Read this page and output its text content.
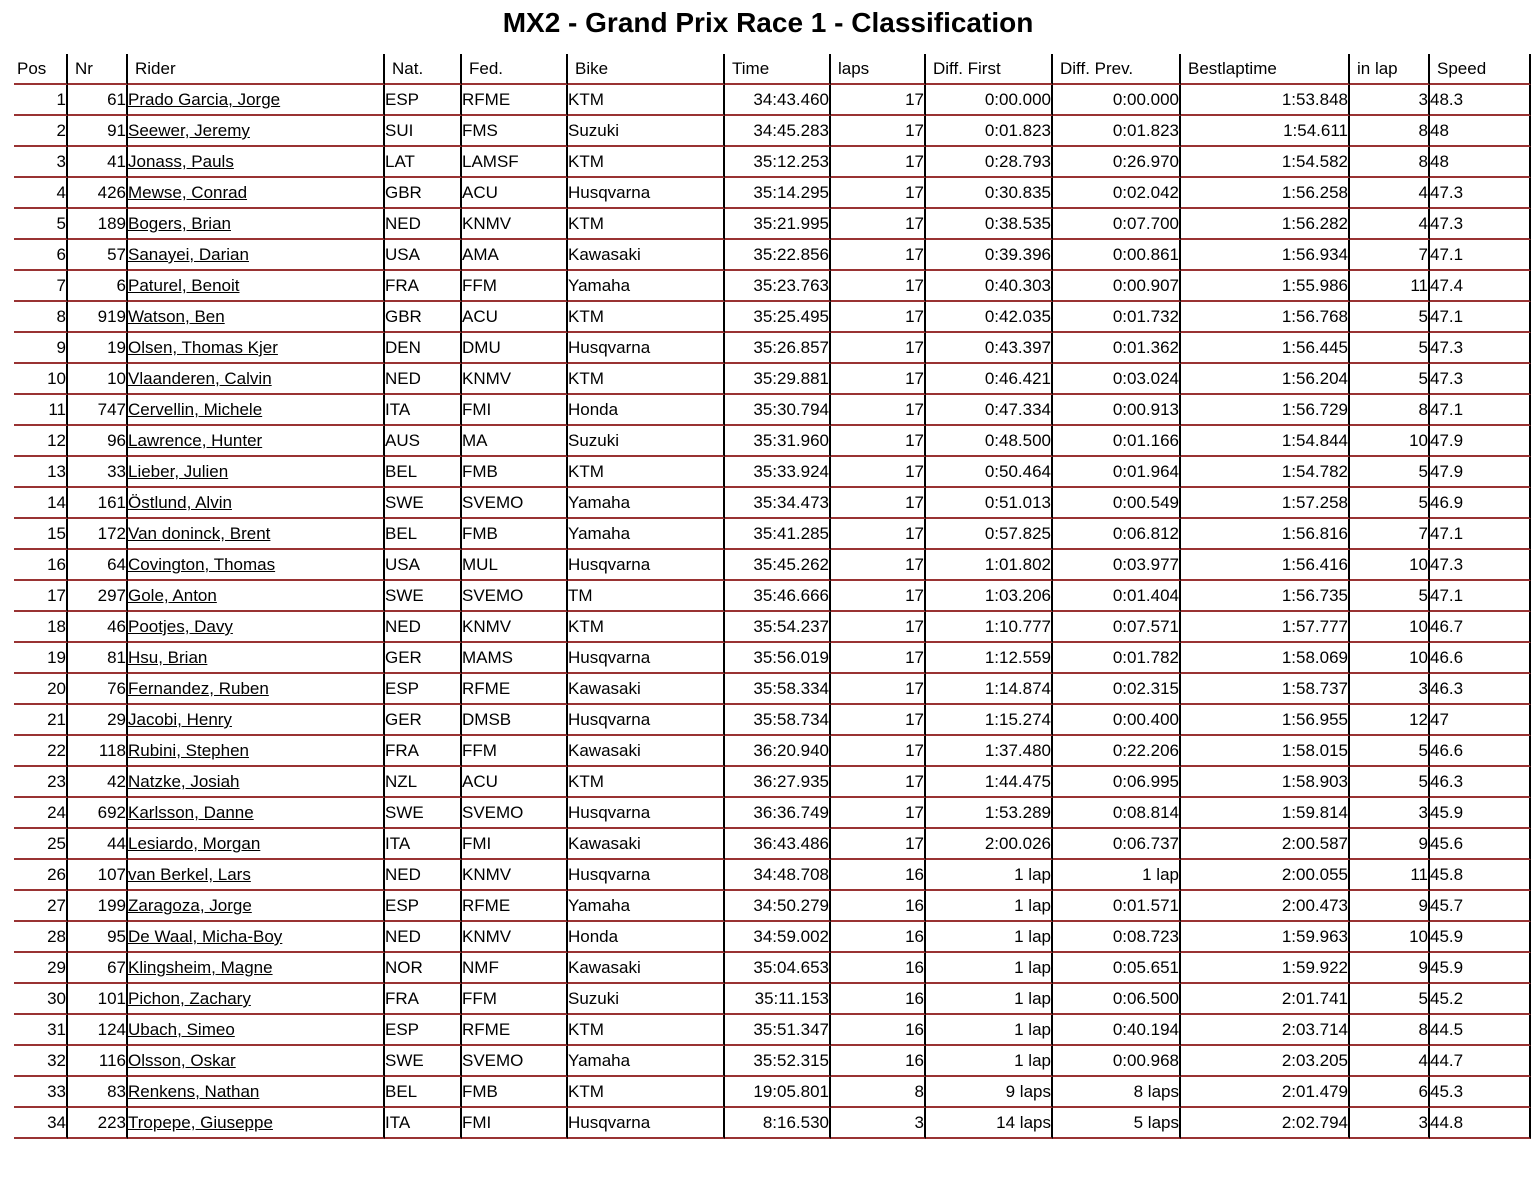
MX2 - Grand Prix Race 1 - Classification
Pos	Nr	Rider	Nat.	Fed.	Bike	Time	laps	Diff. First	Diff. Prev.	Bestlaptime	in lap	Speed
1	61	Prado Garcia, Jorge	ESP	RFME	KTM	34:43.460	17	0:00.000	0:00.000	1:53.848	3	48.3
2	91	Seewer, Jeremy	SUI	FMS	Suzuki	34:45.283	17	0:01.823	0:01.823	1:54.611	8	48
3	41	Jonass, Pauls	LAT	LAMSF	KTM	35:12.253	17	0:28.793	0:26.970	1:54.582	8	48
4	426	Mewse, Conrad	GBR	ACU	Husqvarna	35:14.295	17	0:30.835	0:02.042	1:56.258	4	47.3
5	189	Bogers, Brian	NED	KNMV	KTM	35:21.995	17	0:38.535	0:07.700	1:56.282	4	47.3
6	57	Sanayei, Darian	USA	AMA	Kawasaki	35:22.856	17	0:39.396	0:00.861	1:56.934	7	47.1
7	6	Paturel, Benoit	FRA	FFM	Yamaha	35:23.763	17	0:40.303	0:00.907	1:55.986	11	47.4
8	919	Watson, Ben	GBR	ACU	KTM	35:25.495	17	0:42.035	0:01.732	1:56.768	5	47.1
9	19	Olsen, Thomas Kjer	DEN	DMU	Husqvarna	35:26.857	17	0:43.397	0:01.362	1:56.445	5	47.3
10	10	Vlaanderen, Calvin	NED	KNMV	KTM	35:29.881	17	0:46.421	0:03.024	1:56.204	5	47.3
11	747	Cervellin, Michele	ITA	FMI	Honda	35:30.794	17	0:47.334	0:00.913	1:56.729	8	47.1
12	96	Lawrence, Hunter	AUS	MA	Suzuki	35:31.960	17	0:48.500	0:01.166	1:54.844	10	47.9
13	33	Lieber, Julien	BEL	FMB	KTM	35:33.924	17	0:50.464	0:01.964	1:54.782	5	47.9
14	161	Östlund, Alvin	SWE	SVEMO	Yamaha	35:34.473	17	0:51.013	0:00.549	1:57.258	5	46.9
15	172	Van doninck, Brent	BEL	FMB	Yamaha	35:41.285	17	0:57.825	0:06.812	1:56.816	7	47.1
16	64	Covington, Thomas	USA	MUL	Husqvarna	35:45.262	17	1:01.802	0:03.977	1:56.416	10	47.3
17	297	Gole, Anton	SWE	SVEMO	TM	35:46.666	17	1:03.206	0:01.404	1:56.735	5	47.1
18	46	Pootjes, Davy	NED	KNMV	KTM	35:54.237	17	1:10.777	0:07.571	1:57.777	10	46.7
19	81	Hsu, Brian	GER	MAMS	Husqvarna	35:56.019	17	1:12.559	0:01.782	1:58.069	10	46.6
20	76	Fernandez, Ruben	ESP	RFME	Kawasaki	35:58.334	17	1:14.874	0:02.315	1:58.737	3	46.3
21	29	Jacobi, Henry	GER	DMSB	Husqvarna	35:58.734	17	1:15.274	0:00.400	1:56.955	12	47
22	118	Rubini, Stephen	FRA	FFM	Kawasaki	36:20.940	17	1:37.480	0:22.206	1:58.015	5	46.6
23	42	Natzke, Josiah	NZL	ACU	KTM	36:27.935	17	1:44.475	0:06.995	1:58.903	5	46.3
24	692	Karlsson, Danne	SWE	SVEMO	Husqvarna	36:36.749	17	1:53.289	0:08.814	1:59.814	3	45.9
25	44	Lesiardo, Morgan	ITA	FMI	Kawasaki	36:43.486	17	2:00.026	0:06.737	2:00.587	9	45.6
26	107	van Berkel, Lars	NED	KNMV	Husqvarna	34:48.708	16	1 lap	1 lap	2:00.055	11	45.8
27	199	Zaragoza, Jorge	ESP	RFME	Yamaha	34:50.279	16	1 lap	0:01.571	2:00.473	9	45.7
28	95	De Waal, Micha-Boy	NED	KNMV	Honda	34:59.002	16	1 lap	0:08.723	1:59.963	10	45.9
29	67	Klingsheim, Magne	NOR	NMF	Kawasaki	35:04.653	16	1 lap	0:05.651	1:59.922	9	45.9
30	101	Pichon, Zachary	FRA	FFM	Suzuki	35:11.153	16	1 lap	0:06.500	2:01.741	5	45.2
31	124	Ubach, Simeo	ESP	RFME	KTM	35:51.347	16	1 lap	0:40.194	2:03.714	8	44.5
32	116	Olsson, Oskar	SWE	SVEMO	Yamaha	35:52.315	16	1 lap	0:00.968	2:03.205	4	44.7
33	83	Renkens, Nathan	BEL	FMB	KTM	19:05.801	8	9 laps	8 laps	2:01.479	6	45.3
34	223	Tropepe, Giuseppe	ITA	FMI	Husqvarna	8:16.530	3	14 laps	5 laps	2:02.794	3	44.8
